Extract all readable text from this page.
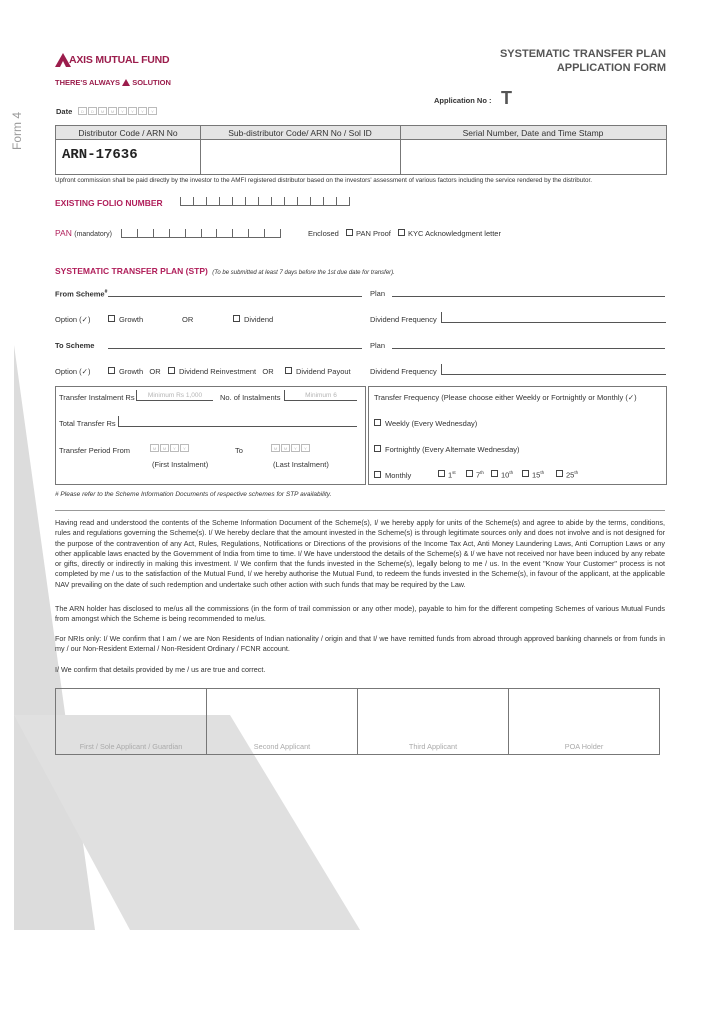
AXIS MUTUAL FUND
THERE'S ALWAYS SOLUTION
Form 4
SYSTEMATIC TRANSFER PLAN
APPLICATION FORM
Application No : T
Date	D	D	M	M	Y	Y	Y	Y
Distributor Code / ARN No	Sub-distributor Code/ ARN No / Sol ID	Serial Number, Date and Time Stamp
ARN-17636
Upfront commission shall be paid directly by the investor to the AMFI registered distributor based on the investors' assessment of various factors including the service rendered by the distributor.
EXISTING FOLIO NUMBER
PAN (mandatory)	Enclosed PAN Proof KYC Acknowledgment letter
SYSTEMATIC TRANSFER PLAN (STP) (To be submitted at least 7 days before the 1st due date for transfer).
From Scheme#	Plan
Option (✓)	Growth	OR	Dividend	Dividend Frequency
To Scheme	Plan
Option (✓)	Growth   OR Dividend Reinvestment   OR	Dividend Payout	Dividend Frequency
Transfer Instalment Rs	Minimum Rs 1,000	No. of Instalments	Minimum 6
Total Transfer Rs
Transfer Period From	M	M	Y	Y	To	M	M	Y	Y
(First Instalment)	(Last Instalment)
Transfer Frequency (Please choose either Weekly or Fortnightly or Monthly (✓)
Weekly (Every Wednesday)
Fortnightly (Every Alternate Wednesday)
Monthly	1st	7th 10th	15th	25th
# Please refer to the Scheme Information Documents of respective schemes for STP availability.
Having read and understood the contents of the Scheme Information Document of the Scheme(s), I/ we hereby apply for units of the Scheme(s) and agree to abide by the terms, conditions, rules and regulations governing the Scheme(s). I/ We hereby declare that the amount invested in the Scheme(s) is through legitimate sources only and does not involve and is not designed for the purpose of the contravention of any Act, Rules, Regulations, Notifications or Directions of the provisions of the Income Tax Act, Anti Money Laundering Laws, Anti Corruption Laws or any other applicable laws enacted by the Government of India from time to time. I/ We have understood the details of the Scheme(s) & I/ we have not received nor have been induced by any rebate or gifts, directly or indirectly in making this investment. I/ We confirm that the funds invested in the Scheme(s), legally belong to me / us. In the event "Know Your Customer" process is not completed by me / us to the satisfaction of the Mutual Fund, I/ we hereby authorise the Mutual Fund, to redeem the funds invested in the Scheme(s), in favour of the applicant, at the applicable NAV prevailing on the date of such redemption and undertake such other action with such funds that may be required by the Law.
The ARN holder has disclosed to me/us all the commissions (in the form of trail commission or any other mode), payable to him for the different competing Schemes of various Mutual Funds from amongst which the Scheme is being recommended to me/us.
For NRIs only: I/ We confirm that I am / we are Non Residents of Indian nationality / origin and that I/ we have remitted funds from abroad through approved banking channels or from funds in my / our Non-Resident External / Non-Resident Ordinary / FCNR account.
I/ We confirm that details provided by me / us are true and correct.
First / Sole Applicant / Guardian	Second Applicant	Third Applicant	POA Holder
